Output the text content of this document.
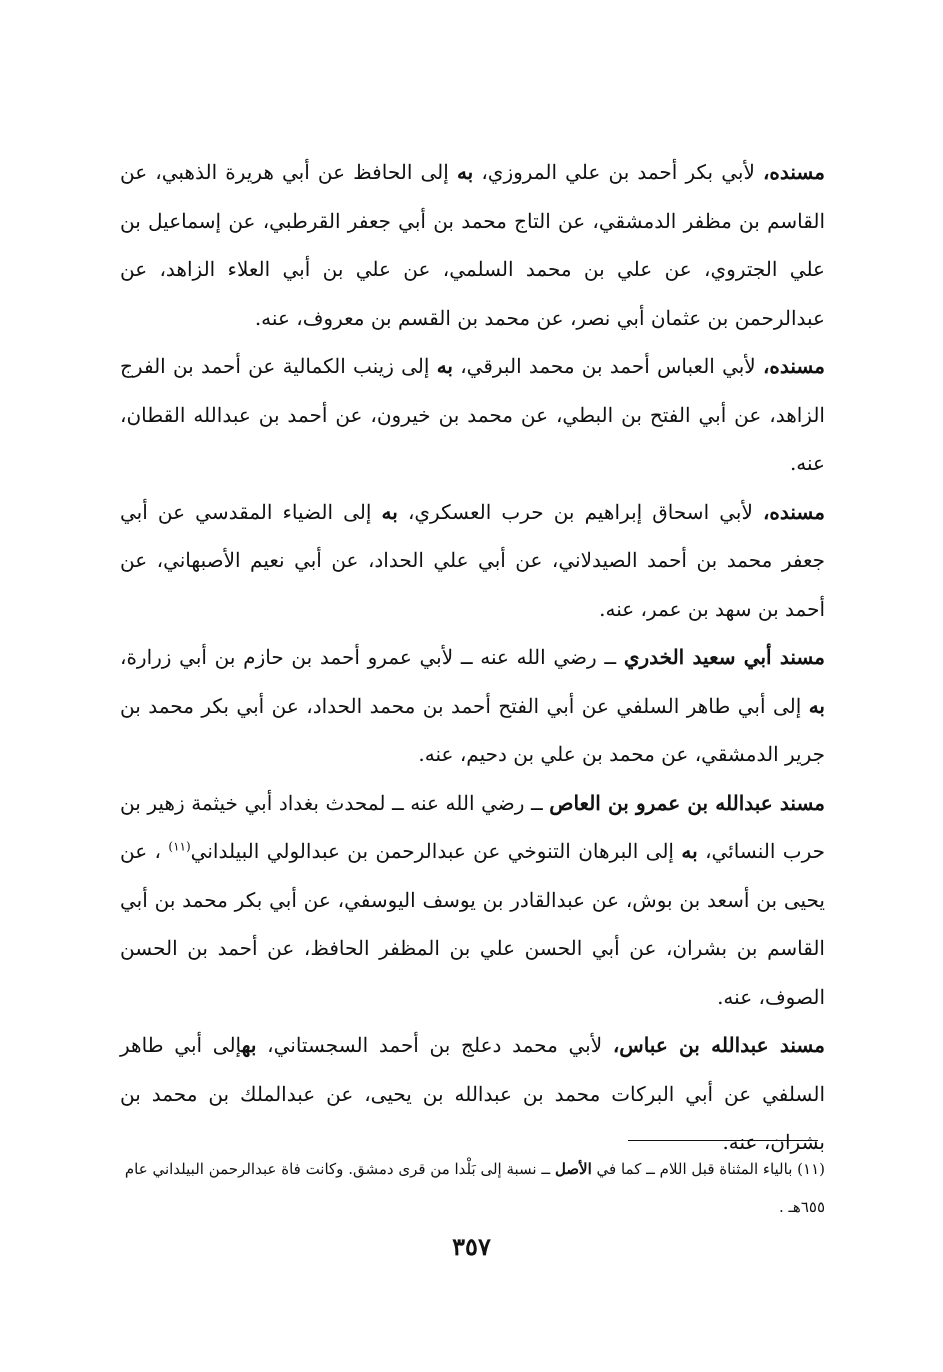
مسنده، لأبي بكر أحمد بن علي المروزي، به إلى الحافظ عن أبي هريرة الذهبي، عن القاسم بن مظفر الدمشقي، عن التاج محمد بن أبي جعفر القرطبي، عن إسماعيل بن علي الجتروي، عن علي بن محمد السلمي، عن علي بن أبي العلاء الزاهد، عن عبدالرحمن بن عثمان أبي نصر، عن محمد بن القسم بن معروف، عنه.

مسنده، لأبي العباس أحمد بن محمد البرقي، به إلى زينب الكمالية عن أحمد بن الفرج الزاهد، عن أبي الفتح بن البطي، عن محمد بن خيرون، عن أحمد بن عبدالله القطان، عنه.

مسنده، لأبي اسحاق إبراهيم بن حرب العسكري، به إلى الضياء المقدسي عن أبي جعفر محمد بن أحمد الصيدلاني، عن أبي علي الحداد، عن أبي نعيم الأصبهاني، عن أحمد بن سهد بن عمر، عنه.

مسند أبي سعيد الخدري ــ رضي الله عنه ــ لأبي عمرو أحمد بن حازم بن أبي زرارة، به إلى أبي طاهر السلفي عن أبي الفتح أحمد بن محمد الحداد، عن أبي بكر محمد بن جرير الدمشقي، عن محمد بن علي بن دحيم، عنه.

مسند عبدالله بن عمرو بن العاص ــ رضي الله عنه ــ لمحدث بغداد أبي خيثمة زهير بن حرب النسائي، به إلى البرهان التنوخي عن عبدالرحمن بن عبدالولي البيلداني$^{(١١)}$ ، عن يحيى بن أسعد بن بوش، عن عبدالقادر بن يوسف اليوسفي، عن أبي بكر محمد بن أبي القاسم بن بشران، عن أبي الحسن علي بن المظفر الحافظ، عن أحمد بن الحسن الصوف، عنه.

مسند عبدالله بن عباس، لأبي محمد دعلج بن أحمد السجستاني، بهإلى أبي طاهر السلفي عن أبي البركات محمد بن عبدالله بن يحيى، عن عبدالملك بن محمد بن بشران، عنه.

(١١) بالياء المثناة قبل اللام ــ كما في الأصل ــ نسبة إلى بَلْدا من قرى دمشق. وكانت فاة عبدالرحمن البيلداني عام ٦٥٥هـ .
٣٥٧
